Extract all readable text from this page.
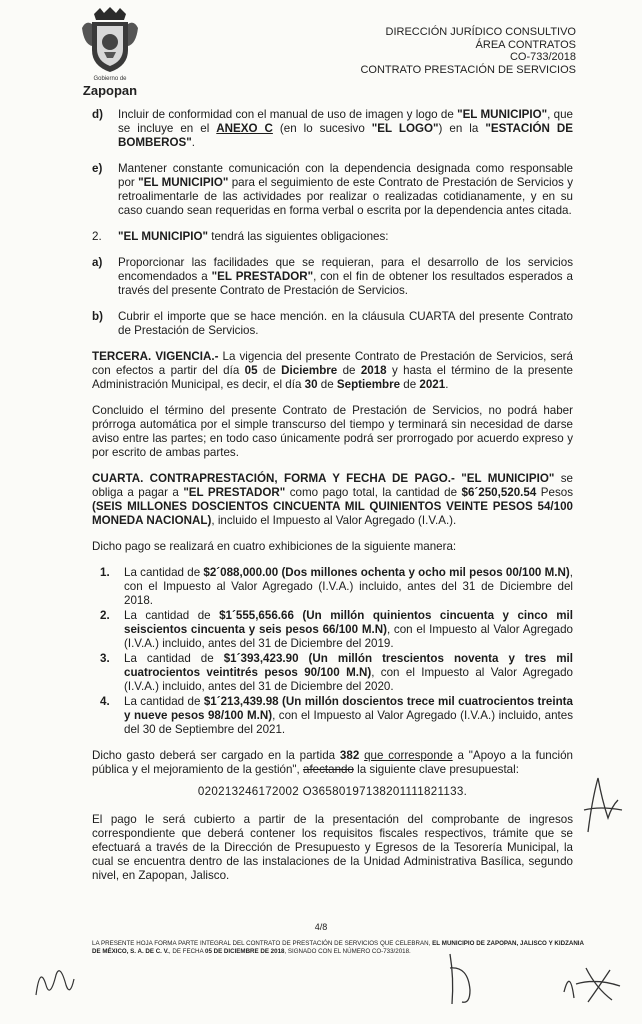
Gobierno de
Zapopan
DIRECCIÓN JURÍDICO CONSULTIVO
ÁREA CONTRATOS
CO-733/2018
CONTRATO PRESTACIÓN DE SERVICIOS
d)	Incluir de conformidad con el manual de uso de imagen y logo de "EL MUNICIPIO", que se incluye en el ANEXO C (en lo sucesivo "EL LOGO") en la "ESTACIÓN DE BOMBEROS".
e)	Mantener constante comunicación con la dependencia designada como responsable por "EL MUNICIPIO" para el seguimiento de este Contrato de Prestación de Servicios y retroalimentarle de las actividades por realizar o realizadas cotidianamente, y en su caso cuando sean requeridas en forma verbal o escrita por la dependencia antes citada.
2.	"EL MUNICIPIO" tendrá las siguientes obligaciones:
a)	Proporcionar las facilidades que se requieran, para el desarrollo de los servicios encomendados a "EL PRESTADOR", con el fin de obtener los resultados esperados a través del presente Contrato de Prestación de Servicios.
b)	Cubrir el importe que se hace mención. en la cláusula CUARTA del presente Contrato de Prestación de Servicios.

TERCERA. VIGENCIA.- La vigencia del presente Contrato de Prestación de Servicios, será con efectos a partir del día 05 de Diciembre de 2018 y hasta el término de la presente Administración Municipal, es decir, el día 30 de Septiembre de 2021.

Concluido el término del presente Contrato de Prestación de Servicios, no podrá haber prórroga automática por el simple transcurso del tiempo y terminará sin necesidad de darse aviso entre las partes; en todo caso únicamente podrá ser prorrogado por acuerdo expreso y por escrito de ambas partes.

CUARTA. CONTRAPRESTACIÓN, FORMA Y FECHA DE PAGO.- "EL MUNICIPIO" se obliga a pagar a "EL PRESTADOR" como pago total, la cantidad de $6´250,520.54 Pesos (SEIS MILLONES DOSCIENTOS CINCUENTA MIL QUINIENTOS VEINTE PESOS 54/100 MONEDA NACIONAL), incluido el Impuesto al Valor Agregado (I.V.A.).

Dicho pago se realizará en cuatro exhibiciones de la siguiente manera:

1.	La cantidad de $2´088,000.00 (Dos millones ochenta y ocho mil pesos 00/100 M.N), con el Impuesto al Valor Agregado (I.V.A.) incluido, antes del 31 de Diciembre del 2018.
2.	La cantidad de $1´555,656.66 (Un millón quinientos cincuenta y cinco mil seiscientos cincuenta y seis pesos 66/100 M.N), con el Impuesto al Valor Agregado (I.V.A.) incluido, antes del 31 de Diciembre del 2019.
3.	La cantidad de $1´393,423.90 (Un millón trescientos noventa y tres mil cuatrocientos veintitrés pesos 90/100 M.N), con el Impuesto al Valor Agregado (I.V.A.) incluido, antes del 31 de Diciembre del 2020.
4.	La cantidad de $1´213,439.98 (Un millón doscientos trece mil cuatrocientos treinta y nueve pesos 98/100 M.N), con el Impuesto al Valor Agregado (I.V.A.) incluido, antes del 30 de Septiembre del 2021.

Dicho gasto deberá ser cargado en la partida 382 que corresponde a "Apoyo a la función pública y el mejoramiento de la gestión", afectando la siguiente clave presupuestal:

020213246172002 O36580197138201111821133.

El pago le será cubierto a partir de la presentación del comprobante de ingresos correspondiente que deberá contener los requisitos fiscales respectivos, trámite que se efectuará a través de la Dirección de Presupuesto y Egresos de la Tesorería Municipal, la cual se encuentra dentro de las instalaciones de la Unidad Administrativa Basílica, segundo nivel, en Zapopan, Jalisco.

4/8
LA PRESENTE HOJA FORMA PARTE INTEGRAL DEL CONTRATO DE PRESTACIÓN DE SERVICIOS QUE CELEBRAN, EL MUNICIPIO DE ZAPOPAN, JALISCO Y KIDZANIA DE MÉXICO, S. A. DE C. V., DE FECHA 05 DE DICIEMBRE DE 2018, SIGNADO CON EL NÚMERO CO-733/2018.
